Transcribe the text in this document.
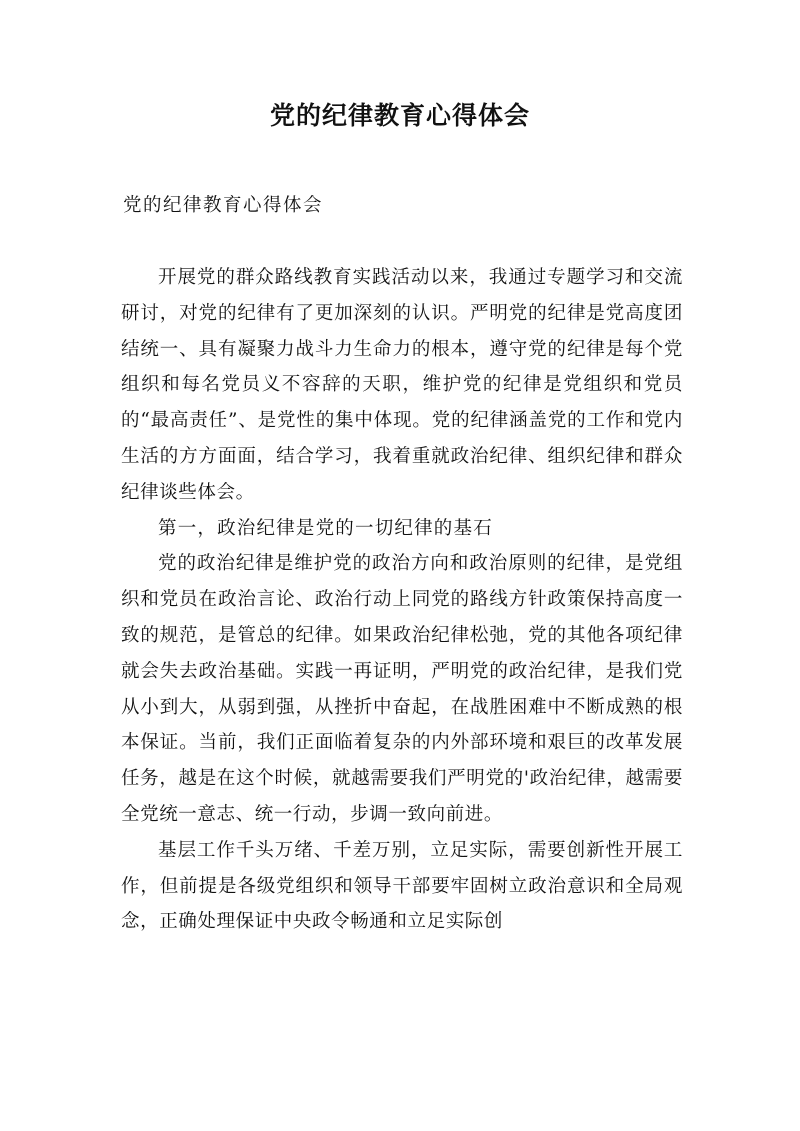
党的纪律教育心得体会

党的纪律教育心得体会

开展党的群众路线教育实践活动以来，我通过专题学习和交流研讨，对党的纪律有了更加深刻的认识。严明党的纪律是党高度团结统一、具有凝聚力战斗力生命力的根本，遵守党的纪律是每个党组织和每名党员义不容辞的天职，维护党的纪律是党组织和党员的“最高责任”、是党性的集中体现。党的纪律涵盖党的工作和党内生活的方方面面，结合学习，我着重就政治纪律、组织纪律和群众纪律谈些体会。

第一，政治纪律是党的一切纪律的基石

党的政治纪律是维护党的政治方向和政治原则的纪律，是党组织和党员在政治言论、政治行动上同党的路线方针政策保持高度一致的规范，是管总的纪律。如果政治纪律松弛，党的其他各项纪律就会失去政治基础。实践一再证明，严明党的政治纪律，是我们党从小到大，从弱到强，从挫折中奋起，在战胜困难中不断成熟的根本保证。当前，我们正面临着复杂的内外部环境和艰巨的改革发展任务，越是在这个时候，就越需要我们严明党的'政治纪律，越需要全党统一意志、统一行动，步调一致向前进。

基层工作千头万绪、千差万别，立足实际，需要创新性开展工作，但前提是各级党组织和领导干部要牢固树立政治意识和全局观念，正确处理保证中央政令畅通和立足实际创
